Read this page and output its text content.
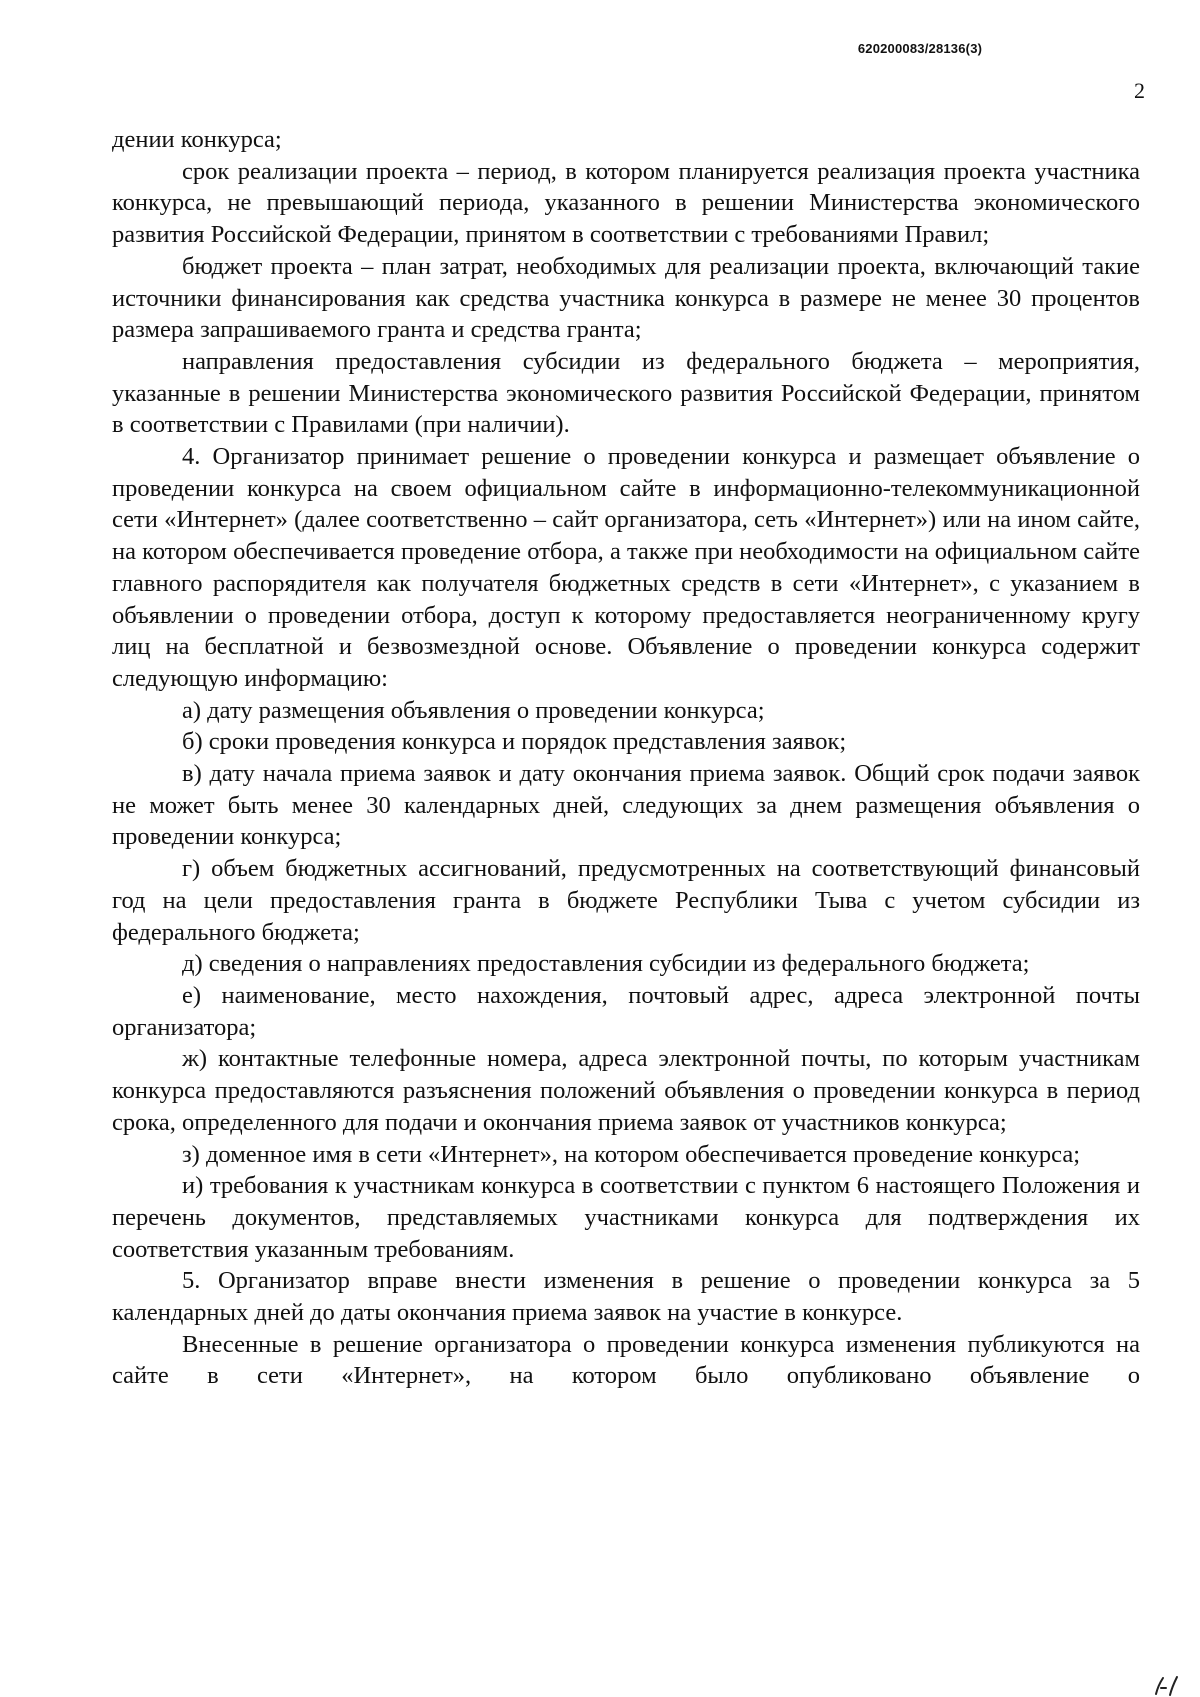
620200083/28136(3)
2

дении конкурса;

срок реализации проекта – период, в котором планируется реализация проекта участника конкурса, не превышающий периода, указанного в решении Министерства экономического развития Российской Федерации, принятом в соответствии с требованиями Правил;

бюджет проекта – план затрат, необходимых для реализации проекта, включающий такие источники финансирования как средства участника конкурса в размере не менее 30 процентов размера запрашиваемого гранта и средства гранта;

направления предоставления субсидии из федерального бюджета – мероприятия, указанные в решении Министерства экономического развития Российской Федерации, принятом в соответствии с Правилами (при наличии).

4. Организатор принимает решение о проведении конкурса и размещает объявление о проведении конкурса на своем официальном сайте в информационно-телекоммуникационной сети «Интернет» (далее соответственно – сайт организатора, сеть «Интернет») или на ином сайте, на котором обеспечивается проведение отбора, а также при необходимости на официальном сайте главного распорядителя как получателя бюджетных средств в сети «Интернет», с указанием в объявлении о проведении отбора, доступ к которому предоставляется неограниченному кругу лиц на бесплатной и безвозмездной основе. Объявление о проведении конкурса содержит следующую информацию:

а) дату размещения объявления о проведении конкурса;

б) сроки проведения конкурса и порядок представления заявок;

в) дату начала приема заявок и дату окончания приема заявок. Общий срок подачи заявок не может быть менее 30 календарных дней, следующих за днем размещения объявления о проведении конкурса;

г) объем бюджетных ассигнований, предусмотренных на соответствующий финансовый год на цели предоставления гранта в бюджете Республики Тыва с учетом субсидии из федерального бюджета;

д) сведения о направлениях предоставления субсидии из федерального бюджета;

е) наименование, место нахождения, почтовый адрес, адреса электронной почты организатора;

ж) контактные телефонные номера, адреса электронной почты, по которым участникам конкурса предоставляются разъяснения положений объявления о проведении конкурса в период срока, определенного для подачи и окончания приема заявок от участников конкурса;

з) доменное имя в сети «Интернет», на котором обеспечивается проведение конкурса;

и) требования к участникам конкурса в соответствии с пунктом 6 настоящего Положения и перечень документов, представляемых участниками конкурса для подтверждения их соответствия указанным требованиям.

5. Организатор вправе внести изменения в решение о проведении конкурса за 5 календарных дней до даты окончания приема заявок на участие в конкурсе.

Внесенные в решение организатора о проведении конкурса изменения публикуются на сайте в сети «Интернет», на котором было опубликовано объявление о
